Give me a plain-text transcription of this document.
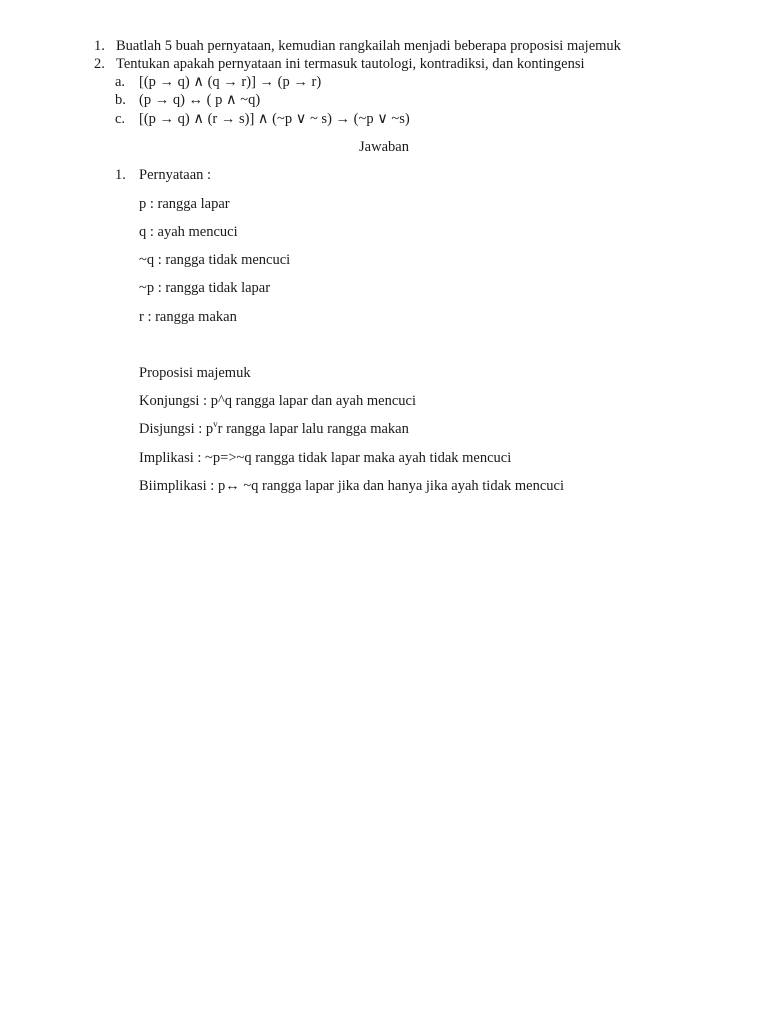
1. Buatlah 5 buah pernyataan, kemudian rangkailah menjadi beberapa proposisi majemuk
2. Tentukan apakah pernyataan ini termasuk tautologi, kontradiksi, dan kontingensi
a. [(p → q) ∧ (q → r)] → (p → r)
b. (p → q) ↔ ( p ∧ ~q)
c. [(p → q) ∧ (r → s)] ∧ (~p ∨ ~ s) → (~p ∨ ~s)
Jawaban
1. Pernyataan :
p : rangga lapar
q : ayah mencuci
~q : rangga tidak mencuci
~p : rangga tidak lapar
r : rangga makan
Proposisi majemuk
Konjungsi : p^q rangga lapar dan ayah mencuci
Disjungsi : $p^vr$ rangga lapar lalu rangga makan
Implikasi : ~p=>~q rangga tidak lapar maka ayah tidak mencuci
Biimplikasi : p↔ ~q rangga lapar jika dan hanya jika ayah tidak mencuci
